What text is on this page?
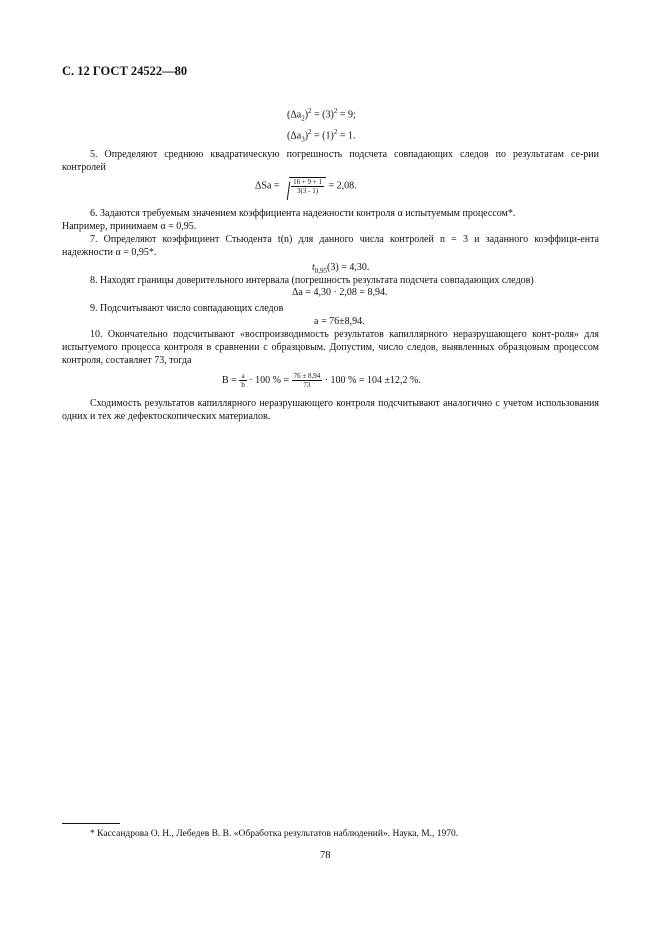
С. 12 ГОСТ 24522—80
$(\Delta a_2)^2 = (3)^2 = 9$;
$(\Delta a_3)^2 = (1)^2 = 1$.
5. Определяют среднюю квадратическую погрешность подсчета совпадающих следов по результатам се-рии контролей
$\Delta Sa = \frac{16 + 9 + 1}{3(3 - 1)} = 2,08$.
6. Задаются требуемым значением коэффициента надежности контроля α испытуемым процессом*.
Например, принимаем α = 0,95.
7. Определяют коэффициент Стьюдента t(n) для данного числа контролей n = 3 и заданного коэффици-ента надежности α = 0,95*.
$t_{0,95}(3) = 4,30$.
8. Находят границы доверительного интервала (погрешность результата подсчета совпадающих следов)
Δa = 4,30 · 2,08 = 8,94.
9. Подсчитывают число совпадающих следов
a = 76±8,94.
10. Окончательно подсчитывают «воспроизводимость результатов капиллярного неразрушающего конт-роля» для испытуемого процесса контроля в сравнении с образцовым. Допустим, число следов, выявленных образцовым процессом контроля, составляет 73, тогда
$B = \frac{a}{b} \cdot 100$ % = $\frac{76 \pm 8,94}{73} \cdot 100$ % = 104 ±12,2 %.
Сходимость результатов капиллярного неразрушающего контроля подсчитывают аналогично с учетом использования одних и тех же дефектоскопических материалов.
* Кассандрова О. Н., Лебедев В. В. «Обработка результатов наблюдений». Наука, М., 1970.
78
